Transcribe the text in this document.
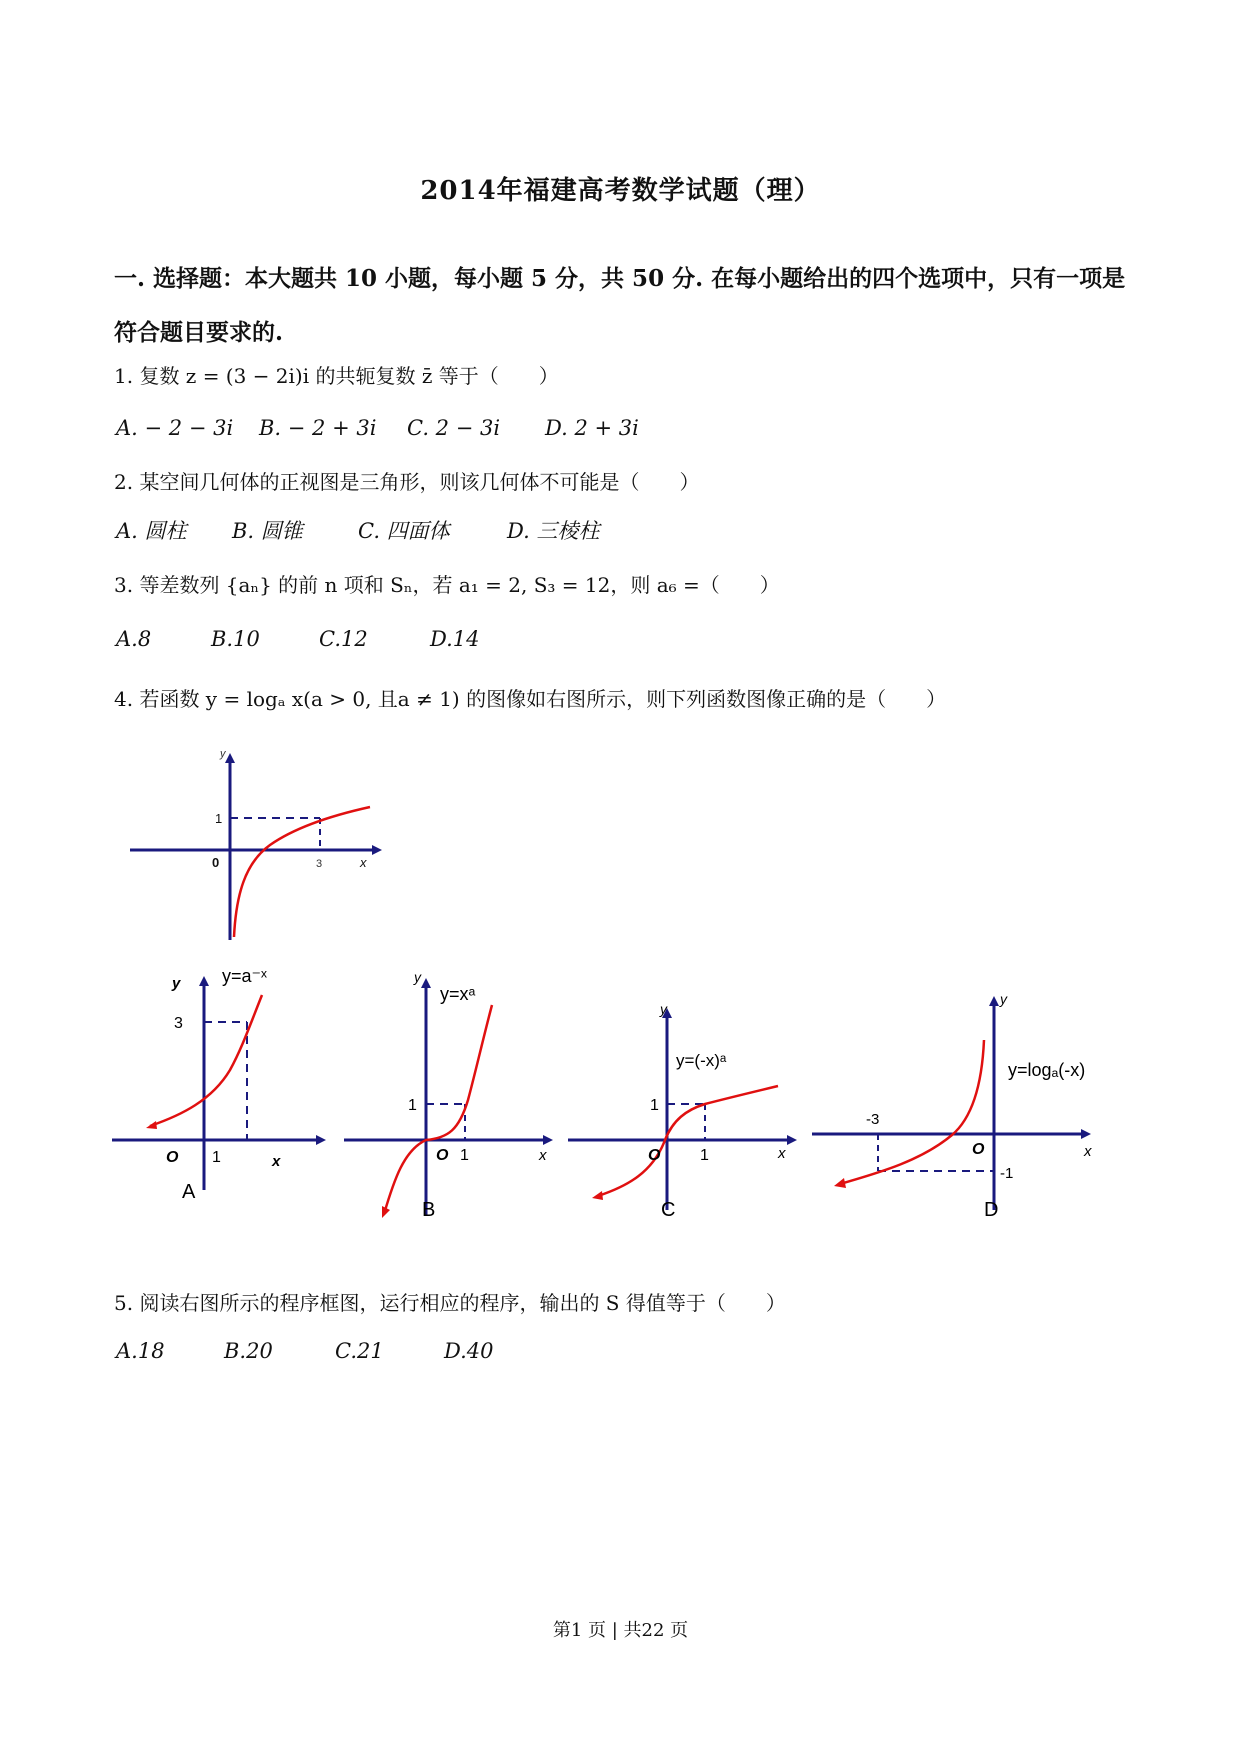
2014年福建高考数学试题（理）
一. 选择题：本大题共 10 小题，每小题 5 分，共 50 分. 在每小题给出的四个选项中，只有一项是符合题目要求的.
1. 复数 z = (3 − 2i)i 的共轭复数 z̄ 等于（　　）
A. − 2 − 3i B. − 2 + 3i C. 2 − 3i D. 2 + 3i
2. 某空间几何体的正视图是三角形，则该几何体不可能是（　　）
A. 圆柱 B. 圆锥	C. 四面体	D. 三棱柱
3. 等差数列 {aₙ} 的前 n 项和 Sₙ，若 a₁ = 2, S₃ = 12，则 a₆ =（　　）
A.8	B.10	C.12	D.14
4. 若函数 y = logₐ x(a > 0, 且a ≠ 1) 的图像如右图所示，则下列函数图像正确的是（　　）
y
1
0	3	x
y y=a⁻ˣ
3
O 1	x
A
y
y=xᵃ
1
O 1	x
B
y
y=(-x)ᵃ
1
O 1	x
C
y
y=logₐ(-x)
-3
O
-1
x
D
5. 阅读右图所示的程序框图，运行相应的程序，输出的 S 得值等于（　　）
A.18	B.20	C.21	D.40
第1 页 | 共22 页
